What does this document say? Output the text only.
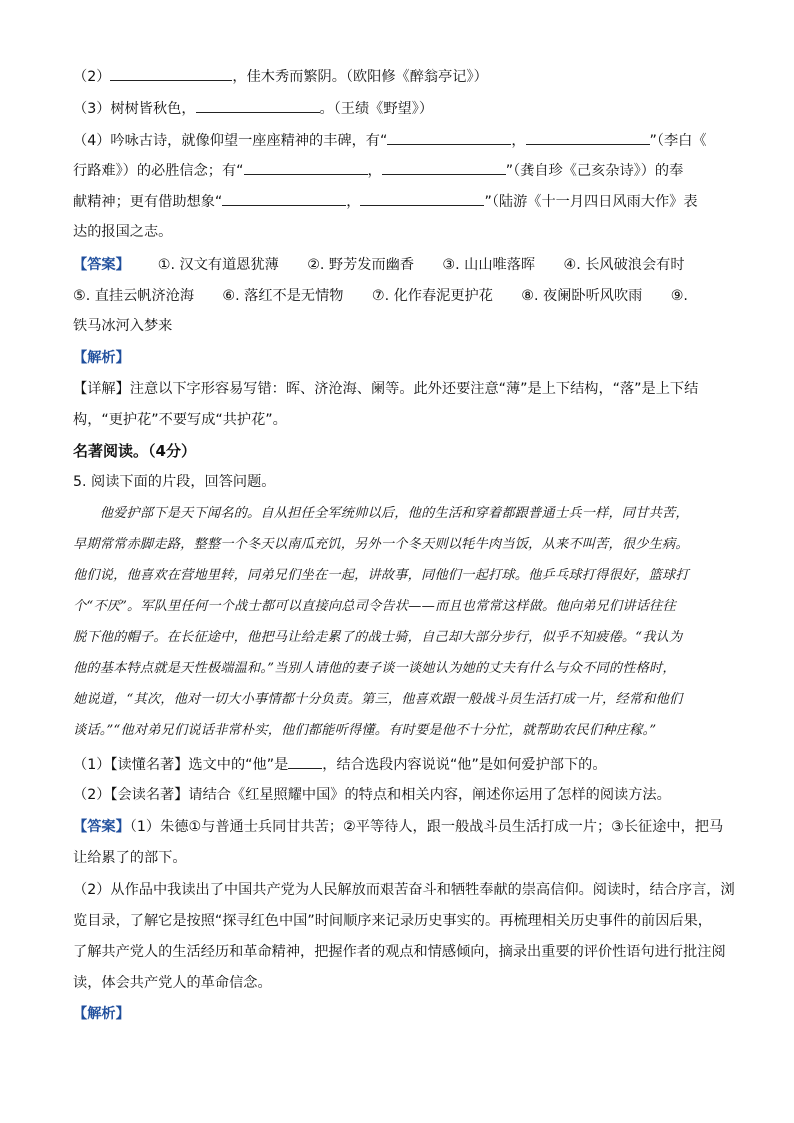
（2）	，佳木秀而繁阴。（欧阳修《醉翁亭记》）
（3）树树皆秋色，	。（王绩《野望》）
（4）吟咏古诗，就像仰望一座座精神的丰碑，有“	，	”（李白《
行路难》）的必胜信念；有“	，	”（龚自珍《己亥杂诗》）的奉
献精神；更有借助想象“	，	”（陆游《十一月四日风雨大作》表
达的报国之志。
【答案】 ①. 汉文有道恩犹薄　　②. 野芳发而幽香　　③. 山山唯落晖　　④. 长风破浪会有时
⑤. 直挂云帆济沧海　　⑥. 落红不是无情物　　⑦. 化作春泥更护花　　⑧. 夜阑卧听风吹雨　　⑨.
铁马冰河入梦来
【解析】
【详解】注意以下字形容易写错：晖、济沧海、阑等。此外还要注意“薄”是上下结构，“落”是上下结
构，“更护花”不要写成“共护花”。
名著阅读。（4分）
5. 阅读下面的片段，回答问题。
　　他爱护部下是天下闻名的。自从担任全军统帅以后，他的生活和穿着都跟普通士兵一样，同甘共苦，
早期常常赤脚走路，整整一个冬天以南瓜充饥，另外一个冬天则以牦牛肉当饭，从来不叫苦，很少生病。
他们说，他喜欢在营地里转，同弟兄们坐在一起，讲故事，同他们一起打球。他乒乓球打得很好，篮球打
个“不厌”。军队里任何一个战士都可以直接向总司令告状——而且也常常这样做。他向弟兄们讲话往往
脱下他的帽子。在长征途中，他把马让给走累了的战士骑，自己却大部分步行，似乎不知疲倦。“我认为
他的基本特点就是天性极端温和。”当别人请他的妻子谈一谈她认为她的丈夫有什么与众不同的性格时，
她说道，“其次，他对一切大小事情都十分负责。第三，他喜欢跟一般战斗员生活打成一片，经常和他们
谈话。”“他对弟兄们说话非常朴实，他们都能听得懂。有时要是他不十分忙，就帮助农民们种庄稼。”
（1）【读懂名著】选文中的“他”是 ，结合选段内容说说“他”是如何爱护部下的。
（2）【会读名著】请结合《红星照耀中国》的特点和相关内容，阐述你运用了怎样的阅读方法。
【答案】（1）朱德①与普通士兵同甘共苦；②平等待人，跟一般战斗员生活打成一片；③长征途中，把马
让给累了的部下。
（2）从作品中我读出了中国共产党为人民解放而艰苦奋斗和牺牲奉献的崇高信仰。阅读时，结合序言，浏
览目录，了解它是按照“探寻红色中国”时间顺序来记录历史事实的。再梳理相关历史事件的前因后果，
了解共产党人的生活经历和革命精神，把握作者的观点和情感倾向，摘录出重要的评价性语句进行批注阅
读，体会共产党人的革命信念。
【解析】
